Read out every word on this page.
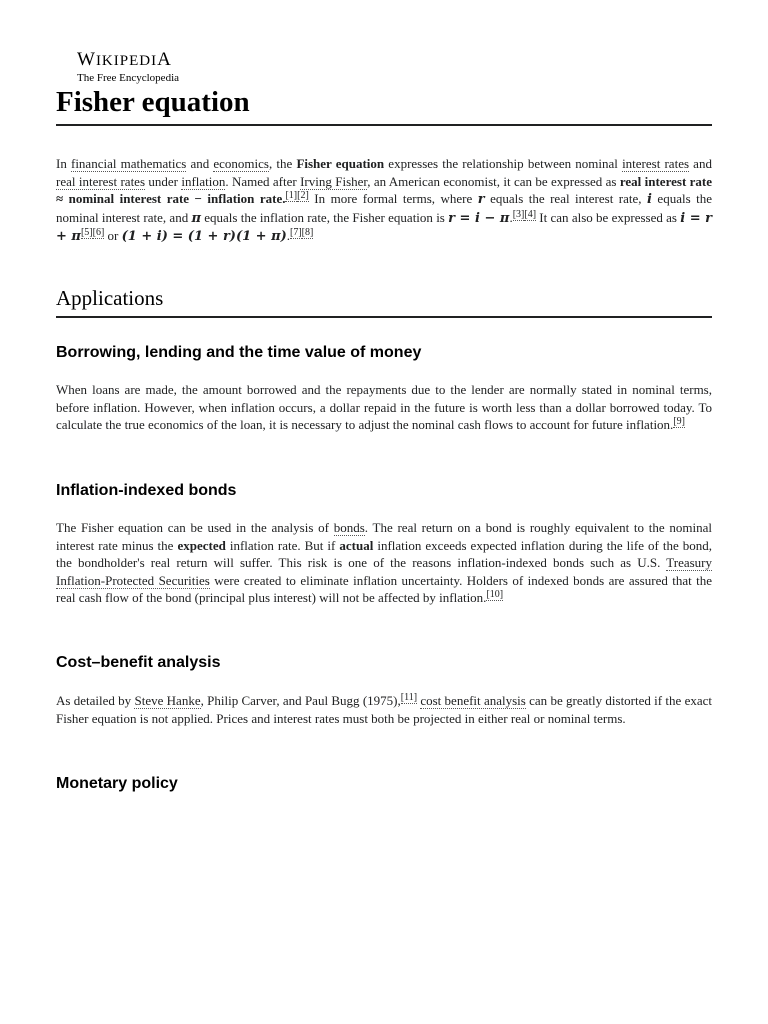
WIKIPEDIA
The Free Encyclopedia
Fisher equation

In financial mathematics and economics, the Fisher equation expresses the relationship between nominal interest rates and real interest rates under inflation. Named after Irving Fisher, an American economist, it can be expressed as real interest rate ≈ nominal interest rate − inflation rate.[1][2] In more formal terms, where r equals the real interest rate, i equals the nominal interest rate, and π equals the inflation rate, the Fisher equation is r = i − π.[3][4] It can also be expressed as i = r + π[5][6] or (1 + i) = (1 + r)(1 + π).[7][8]

Applications
Borrowing, lending and the time value of money

When loans are made, the amount borrowed and the repayments due to the lender are normally stated in nominal terms, before inflation. However, when inflation occurs, a dollar repaid in the future is worth less than a dollar borrowed today. To calculate the true economics of the loan, it is necessary to adjust the nominal cash flows to account for future inflation.[9]

Inflation-indexed bonds

The Fisher equation can be used in the analysis of bonds. The real return on a bond is roughly equivalent to the nominal interest rate minus the expected inflation rate. But if actual inflation exceeds expected inflation during the life of the bond, the bondholder's real return will suffer. This risk is one of the reasons inflation-indexed bonds such as U.S. Treasury Inflation-Protected Securities were created to eliminate inflation uncertainty. Holders of indexed bonds are assured that the real cash flow of the bond (principal plus interest) will not be affected by inflation.[10]

Cost–benefit analysis

As detailed by Steve Hanke, Philip Carver, and Paul Bugg (1975),[11] cost benefit analysis can be greatly distorted if the exact Fisher equation is not applied. Prices and interest rates must both be projected in either real or nominal terms.

Monetary policy
